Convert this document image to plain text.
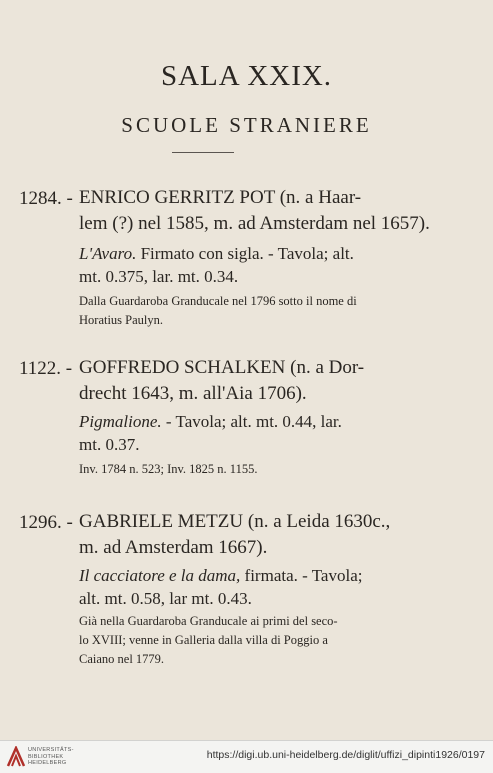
SALA XXIX.
SCUOLE STRANIERE
1284. - ENRICO GERRITZ POT (n. a Haar-
lem (?) nel 1585, m. ad Amsterdam nel 1657).
L'Avaro. Firmato con sigla. - Tavola; alt.
mt. 0.375, lar. mt. 0.34.
Dalla Guardaroba Granducale nel 1796 sotto il nome di
Horatius Paulyn.
1122. - GOFFREDO SCHALKEN (n. a Dor-
drecht 1643, m. all'Aia 1706).
Pigmalione. - Tavola; alt. mt. 0.44, lar.
mt. 0.37.
Inv. 1784 n. 523; Inv. 1825 n. 1155.
1296. - GABRIELE METZU (n. a Leida 1630c.,
m. ad Amsterdam 1667).
Il cacciatore e la dama, firmata. - Tavola;
alt. mt. 0.58, lar mt. 0.43.
Già nella Guardaroba Granducale ai primi del seco-
lo XVIII; venne in Galleria dalla villa di Poggio a
Caiano nel 1779.
UNIVERSITÄTS-
BIBLIOTHEK
HEIDELBERG
https://digi.ub.uni-heidelberg.de/diglit/uffizi_dipinti1926/0197
